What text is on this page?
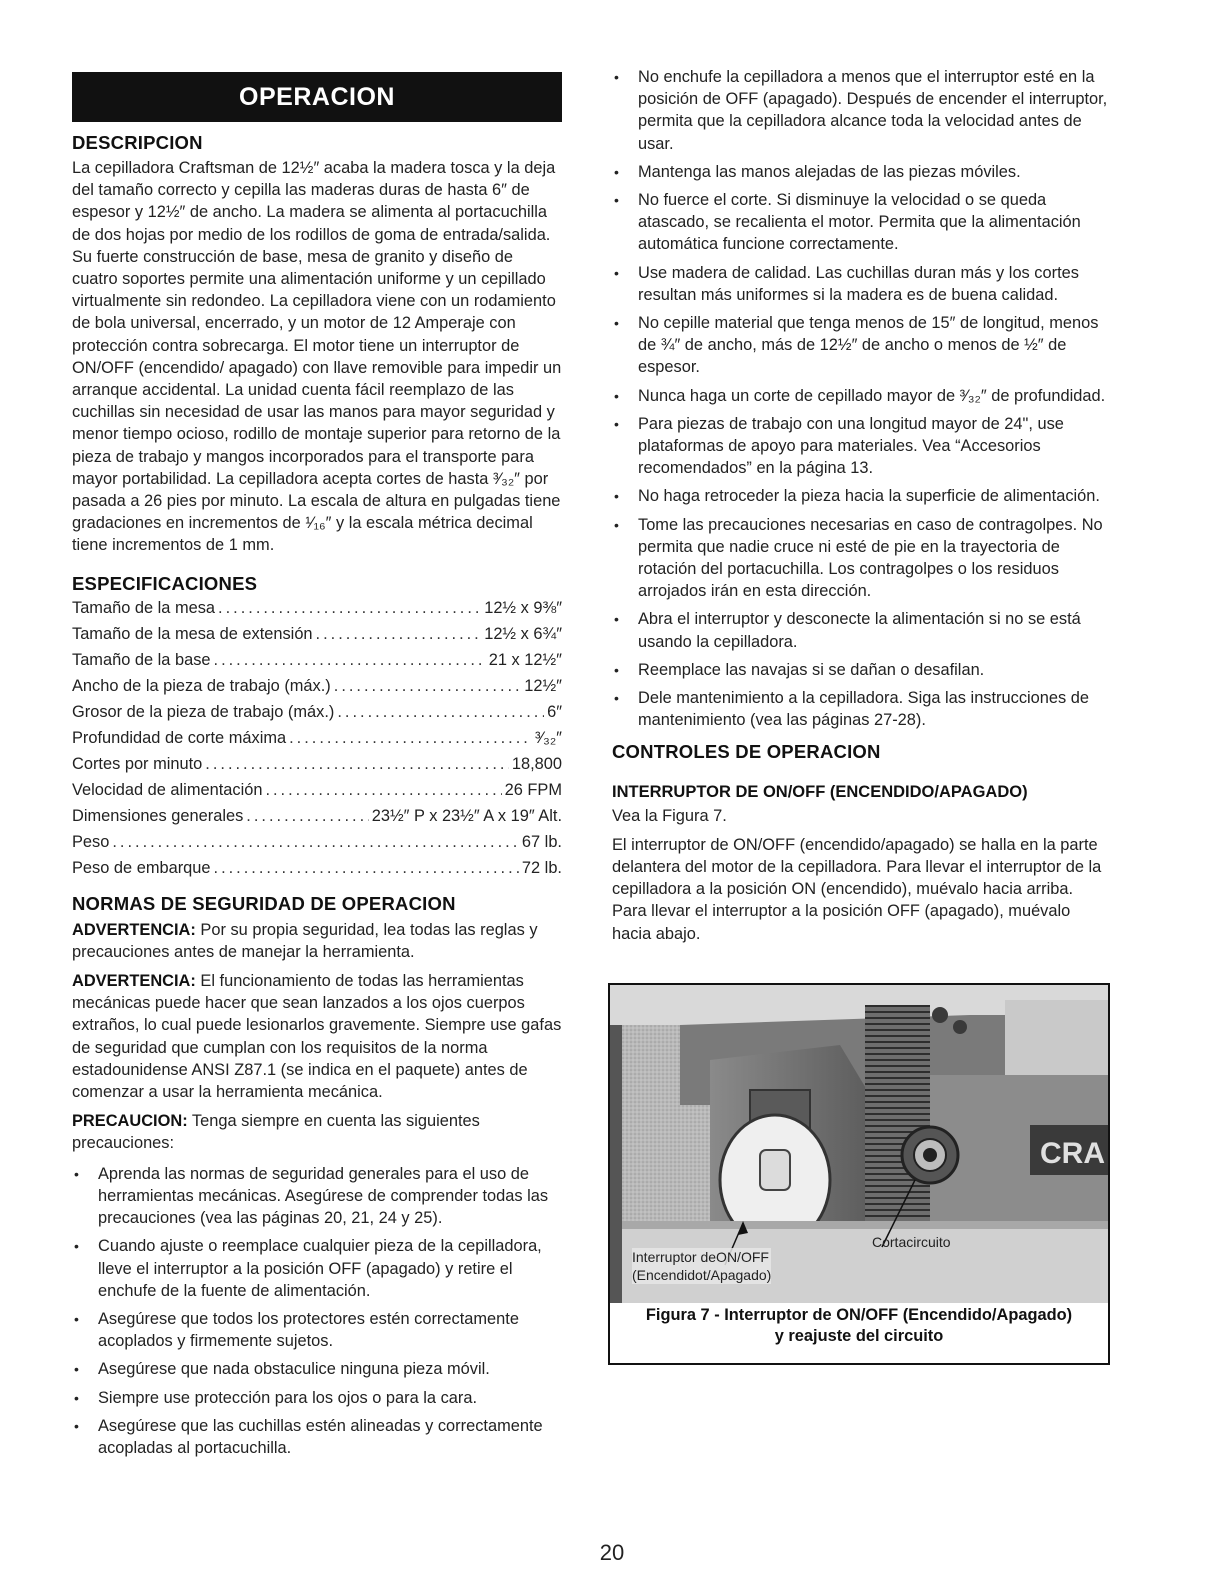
OPERACION
DESCRIPCION

La cepilladora Craftsman de 12½″ acaba la madera tosca y la deja del tamaño correcto y cepilla las maderas duras de hasta 6″ de espesor y 12½″ de ancho. La madera se alimenta al portacuchilla de dos hojas por medio de los rodillos de goma de entrada/salida. Su fuerte construcción de base, mesa de granito y diseño de cuatro soportes permite una alimentación uniforme y un cepillado virtualmente sin redondeo. La cepilladora viene con un rodamiento de bola universal, encerrado, y un motor de 12 Amperaje con protección contra sobrecarga. El motor tiene un interruptor de ON/OFF (encendido/ apagado) con llave removible para impedir un arranque accidental. La unidad cuenta fácil reemplazo de las cuchillas sin necesidad de usar las manos para mayor seguridad y menor tiempo ocioso, rodillo de montaje superior para retorno de la pieza de trabajo y mangos incorporados para el transporte para mayor portabilidad. La cepilladora acepta cortes de hasta ³⁄₃₂″ por pasada a 26 pies por minuto. La escala de altura en pulgadas tiene gradaciones en incrementos de ¹⁄₁₆″ y la escala métrica decimal tiene incrementos de 1 mm.

ESPECIFICACIONES
Tamaño de la mesa .....	12½ x 9⅜″
Tamaño de la mesa de extensión .....	12½ x 6¾″
Tamaño de la base .....	21 x 12½″
Ancho de la pieza de trabajo (máx.) .....	12½″
Grosor de la pieza de trabajo (máx.) .....	6″
Profundidad de corte máxima .....	³⁄₃₂″
Cortes por minuto .....	18,800
Velocidad de alimentación .....	26 FPM
Dimensiones generales .....	23½″ P x 23½″ A x 19″ Alt.
Peso .....	67 lb.
Peso de embarque .....	72 lb.
NORMAS DE SEGURIDAD DE OPERACION

ADVERTENCIA: Por su propia seguridad, lea todas las reglas y precauciones antes de manejar la herramienta.

ADVERTENCIA: El funcionamiento de todas las herramientas mecánicas puede hacer que sean lanzados a los ojos cuerpos extraños, lo cual puede lesionarlos gravemente. Siempre use gafas de seguridad que cumplan con los requisitos de la norma estadounidense ANSI Z87.1 (se indica en el paquete) antes de comenzar a usar la herramienta mecánica.

PRECAUCION: Tenga siempre en cuenta las siguientes precauciones:

• Aprenda las normas de seguridad generales para el uso de herramientas mecánicas. Asegúrese de comprender todas las precauciones (vea las páginas 20, 21, 24 y 25).
• Cuando ajuste o reemplace cualquier pieza de la cepilladora, lleve el interruptor a la posición OFF (apagado) y retire el enchufe de la fuente de alimentación.
• Asegúrese que todos los protectores estén correctamente acoplados y firmemente sujetos.
• Asegúrese que nada obstaculice ninguna pieza móvil.
• Siempre use protección para los ojos o para la cara.
• Asegúrese que las cuchillas estén alineadas y correctamente acopladas al portacuchilla.
• No enchufe la cepilladora a menos que el interruptor esté en la posición de OFF (apagado). Después de encender el interruptor, permita que la cepilladora alcance toda la velocidad antes de usar.
• Mantenga las manos alejadas de las piezas móviles.
• No fuerce el corte. Si disminuye la velocidad o se queda atascado, se recalienta el motor. Permita que la alimentación automática funcione correctamente.
• Use madera de calidad. Las cuchillas duran más y los cortes resultan más uniformes si la madera es de buena calidad.
• No cepille material que tenga menos de 15″ de longitud, menos de ¾″ de ancho, más de 12½″ de ancho o menos de ½″ de espesor.
• Nunca haga un corte de cepillado mayor de ³⁄₃₂″ de profundidad.
• Para piezas de trabajo con una longitud mayor de 24", use plataformas de apoyo para materiales. Vea “Accesorios recomendados” en la página 13.
• No haga retroceder la pieza hacia la superficie de alimentación.
• Tome las precauciones necesarias en caso de contragolpes. No permita que nadie cruce ni esté de pie en la trayectoria de rotación del portacuchilla. Los contragolpes o los residuos arrojados irán en esta dirección.
• Abra el interruptor y desconecte la alimentación si no se está usando la cepilladora.
• Reemplace las navajas si se dañan o desafilan.
• Dele mantenimiento a la cepilladora. Siga las instrucciones de mantenimiento (vea las páginas 27-28).
CONTROLES DE OPERACION
INTERRUPTOR DE ON/OFF (ENCENDIDO/APAGADO)

Vea la Figura 7.

El interruptor de ON/OFF (encendido/apagado) se halla en la parte delantera del motor de la cepilladora. Para llevar el interruptor de la cepilladora a la posición ON (encendido), muévalo hacia arriba. Para llevar el interruptor a la posición OFF (apagado), muévalo hacia abajo.

CRA
Interruptor deON/OFF
(Encendidot/Apagado)
Cortacircuito
Figura 7 - Interruptor de ON/OFF (Encendido/Apagado)
y reajuste del circuito
20
